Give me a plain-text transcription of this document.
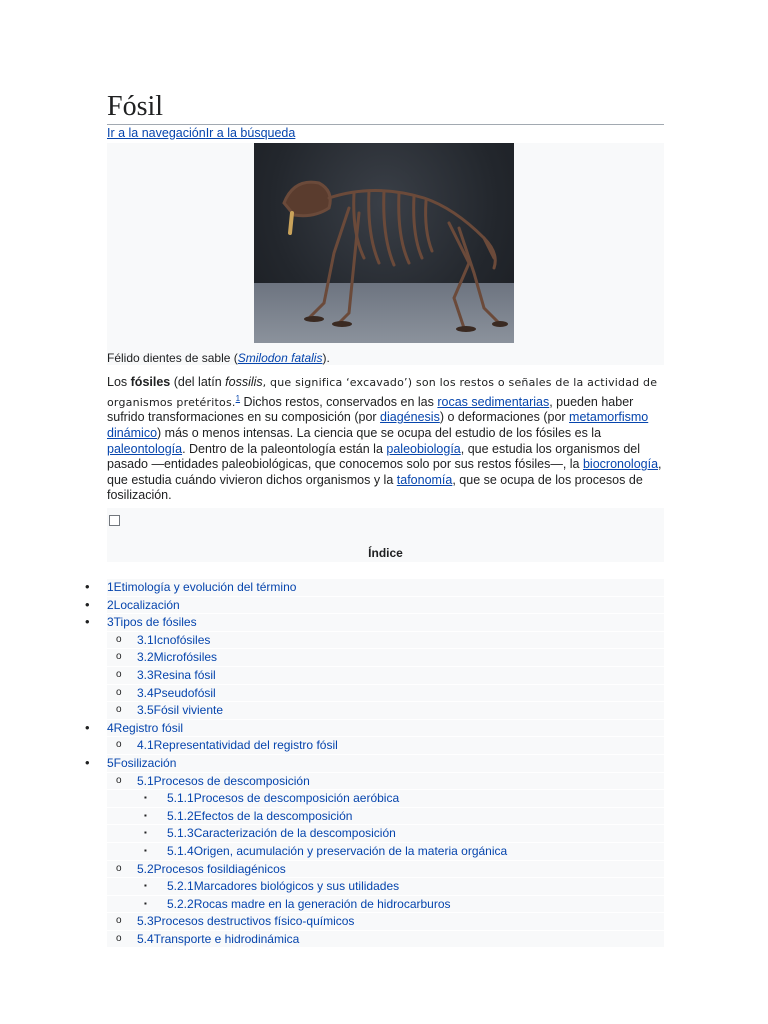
Fósil
Ir a la navegaciónIr a la búsqueda
Félido dientes de sable (Smilodon fatalis).
Los fósiles (del latín fossilis, que significa ‘excavado’) son los restos o señales de la actividad de organismos pretéritos.$^1$ Dichos restos, conservados en las rocas sedimentarias, pueden haber sufrido transformaciones en su composición (por diagénesis) o deformaciones (por metamorfismo dinámico) más o menos intensas. La ciencia que se ocupa del estudio de los fósiles es la paleontología. Dentro de la paleontología están la paleobiología, que estudia los organismos del pasado —entidades paleobiológicas, que conocemos solo por sus restos fósiles—, la biocronología, que estudia cuándo vivieron dichos organismos y la tafonomía, que se ocupa de los procesos de fosilización.
Índice
• 1Etimología y evolución del término
• 2Localización
• 3Tipos de fósiles
o 3.1Icnofósiles
o 3.2Microfósiles
o 3.3Resina fósil
o 3.4Pseudofósil
o 3.5Fósil viviente
• 4Registro fósil
o 4.1Representatividad del registro fósil
• 5Fosilización
o 5.1Procesos de descomposición
▪ 5.1.1Procesos de descomposición aeróbica
▪ 5.1.2Efectos de la descomposición
▪ 5.1.3Caracterización de la descomposición
▪ 5.1.4Origen, acumulación y preservación de la materia orgánica
o 5.2Procesos fosildiagénicos
▪ 5.2.1Marcadores biológicos y sus utilidades
▪ 5.2.2Rocas madre en la generación de hidrocarburos
o 5.3Procesos destructivos físico-químicos
o 5.4Transporte e hidrodinámica
